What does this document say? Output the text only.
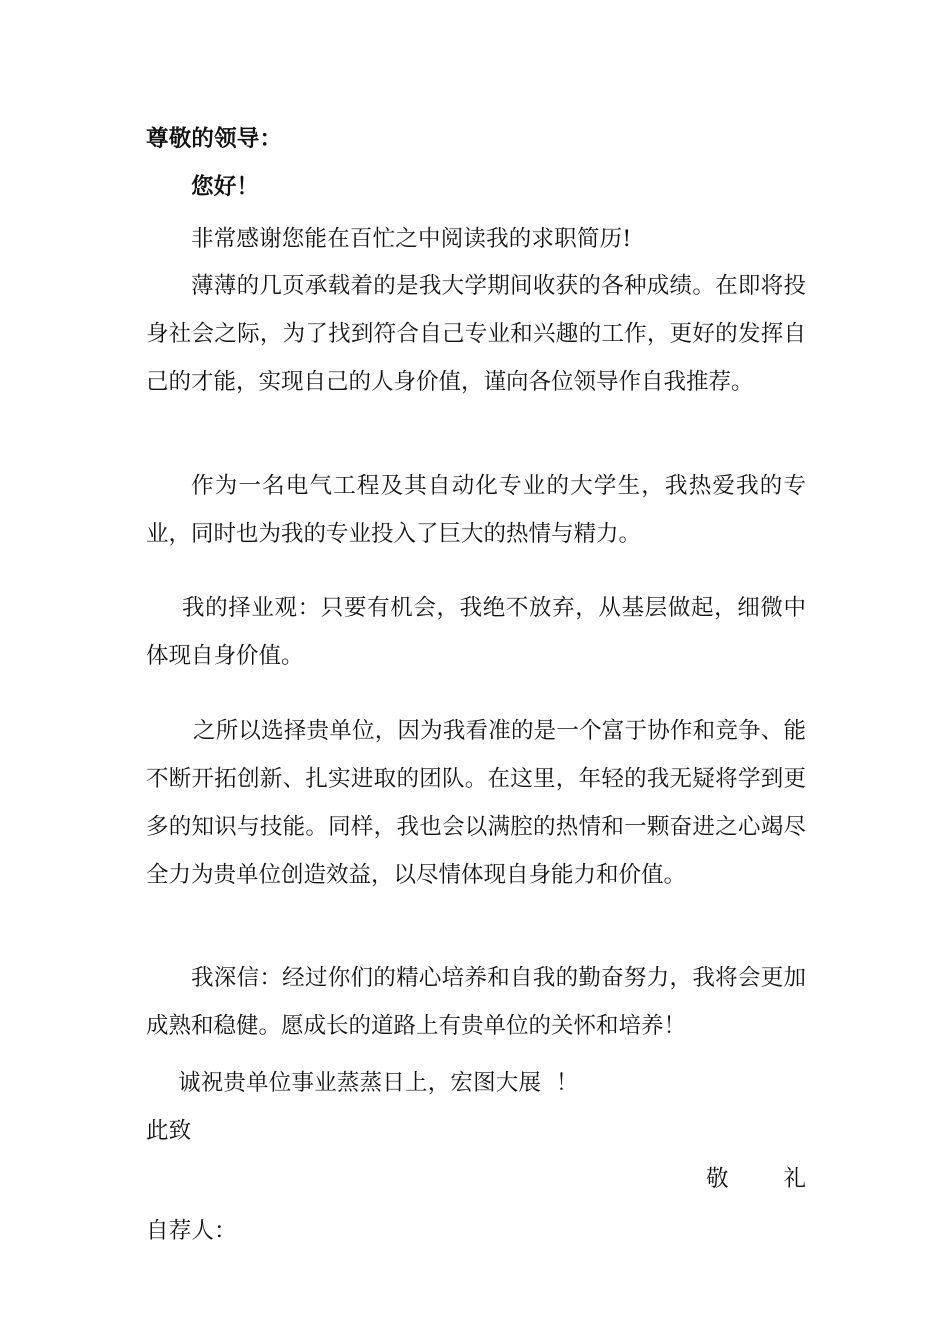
尊敬的领导：
您好！
非常感谢您能在百忙之中阅读我的求职简历!
薄薄的几页承载着的是我大学期间收获的各种成绩。在即将投身社会之际，为了找到符合自己专业和兴趣的工作，更好的发挥自己的才能，实现自己的人身价值，谨向各位领导作自我推荐。
作为一名电气工程及其自动化专业的大学生，我热爱我的专业，同时也为我的专业投入了巨大的热情与精力。
我的择业观：只要有机会，我绝不放弃，从基层做起，细微中体现自身价值。
之所以选择贵单位，因为我看准的是一个富于协作和竞争、能不断开拓创新、扎实进取的团队。在这里，年轻的我无疑将学到更多的知识与技能。同样，我也会以满腔的热情和一颗奋进之心竭尽全力为贵单位创造效益，以尽情体现自身能力和价值。
我深信：经过你们的精心培养和自我的勤奋努力，我将会更加成熟和稳健。愿成长的道路上有贵单位的关怀和培养！
诚祝贵单位事业蒸蒸日上，宏图大展  ！
此致
敬 礼
自荐人：
